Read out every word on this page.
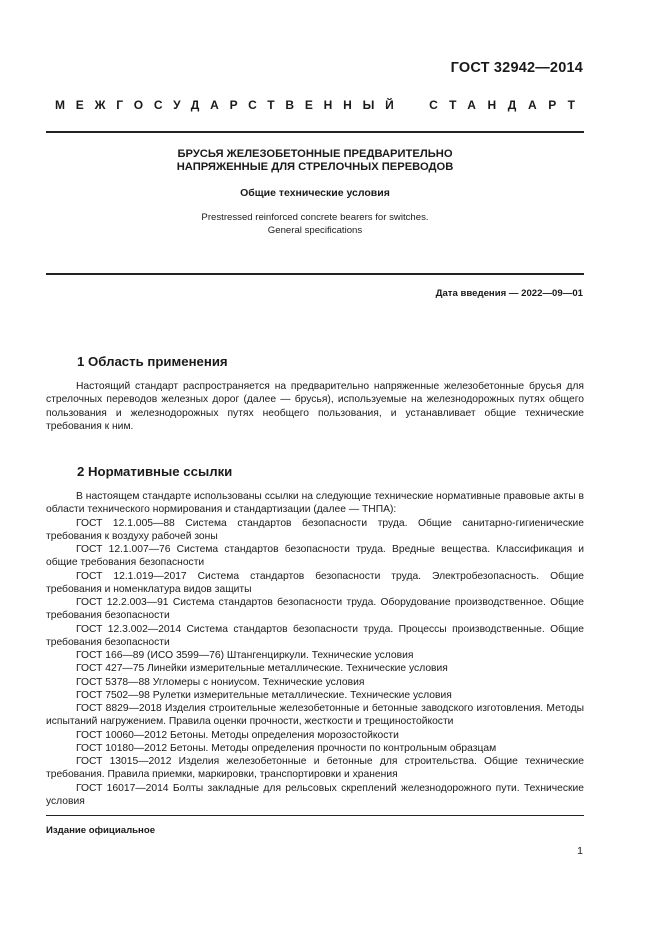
ГОСТ 32942—2014
МЕЖГОСУДАРСТВЕННЫЙ СТАНДАРТ
БРУСЬЯ ЖЕЛЕЗОБЕТОННЫЕ ПРЕДВАРИТЕЛЬНО
НАПРЯЖЕННЫЕ ДЛЯ СТРЕЛОЧНЫХ ПЕРЕВОДОВ
Общие технические условия
Prestressed reinforced concrete bearers for switches.
General specifications
Дата введения — 2022—09—01
1 Область применения

Настоящий стандарт распространяется на предварительно напряженные железобетонные брусья для стрелочных переводов железных дорог (далее — брусья), используемые на железнодорожных путях общего пользования и железнодорожных путях необщего пользования, и устанавливает общие технические требования к ним.

2 Нормативные ссылки

В настоящем стандарте использованы ссылки на следующие технические нормативные правовые акты в области технического нормирования и стандартизации (далее — ТНПА):

ГОСТ 12.1.005—88 Система стандартов безопасности труда. Общие санитарно-гигиенические требования к воздуху рабочей зоны

ГОСТ 12.1.007—76 Система стандартов безопасности труда. Вредные вещества. Классификация и общие требования безопасности

ГОСТ 12.1.019—2017 Система стандартов безопасности труда. Электробезопасность. Общие требования и номенклатура видов защиты

ГОСТ 12.2.003—91 Система стандартов безопасности труда. Оборудование производственное. Общие требования безопасности

ГОСТ 12.3.002—2014 Система стандартов безопасности труда. Процессы производственные. Общие требования безопасности

ГОСТ 166—89 (ИСО 3599—76) Штангенциркули. Технические условия

ГОСТ 427—75 Линейки измерительные металлические. Технические условия

ГОСТ 5378—88 Угломеры с нониусом. Технические условия

ГОСТ 7502—98 Рулетки измерительные металлические. Технические условия

ГОСТ 8829—2018 Изделия строительные железобетонные и бетонные заводского изготовления. Методы испытаний нагружением. Правила оценки прочности, жесткости и трещиностойкости

ГОСТ 10060—2012 Бетоны. Методы определения морозостойкости

ГОСТ 10180—2012 Бетоны. Методы определения прочности по контрольным образцам

ГОСТ 13015—2012 Изделия железобетонные и бетонные для строительства. Общие технические требования. Правила приемки, маркировки, транспортировки и хранения

ГОСТ 16017—2014 Болты закладные для рельсовых скреплений железнодорожного пути. Технические условия

Издание официальное
1
